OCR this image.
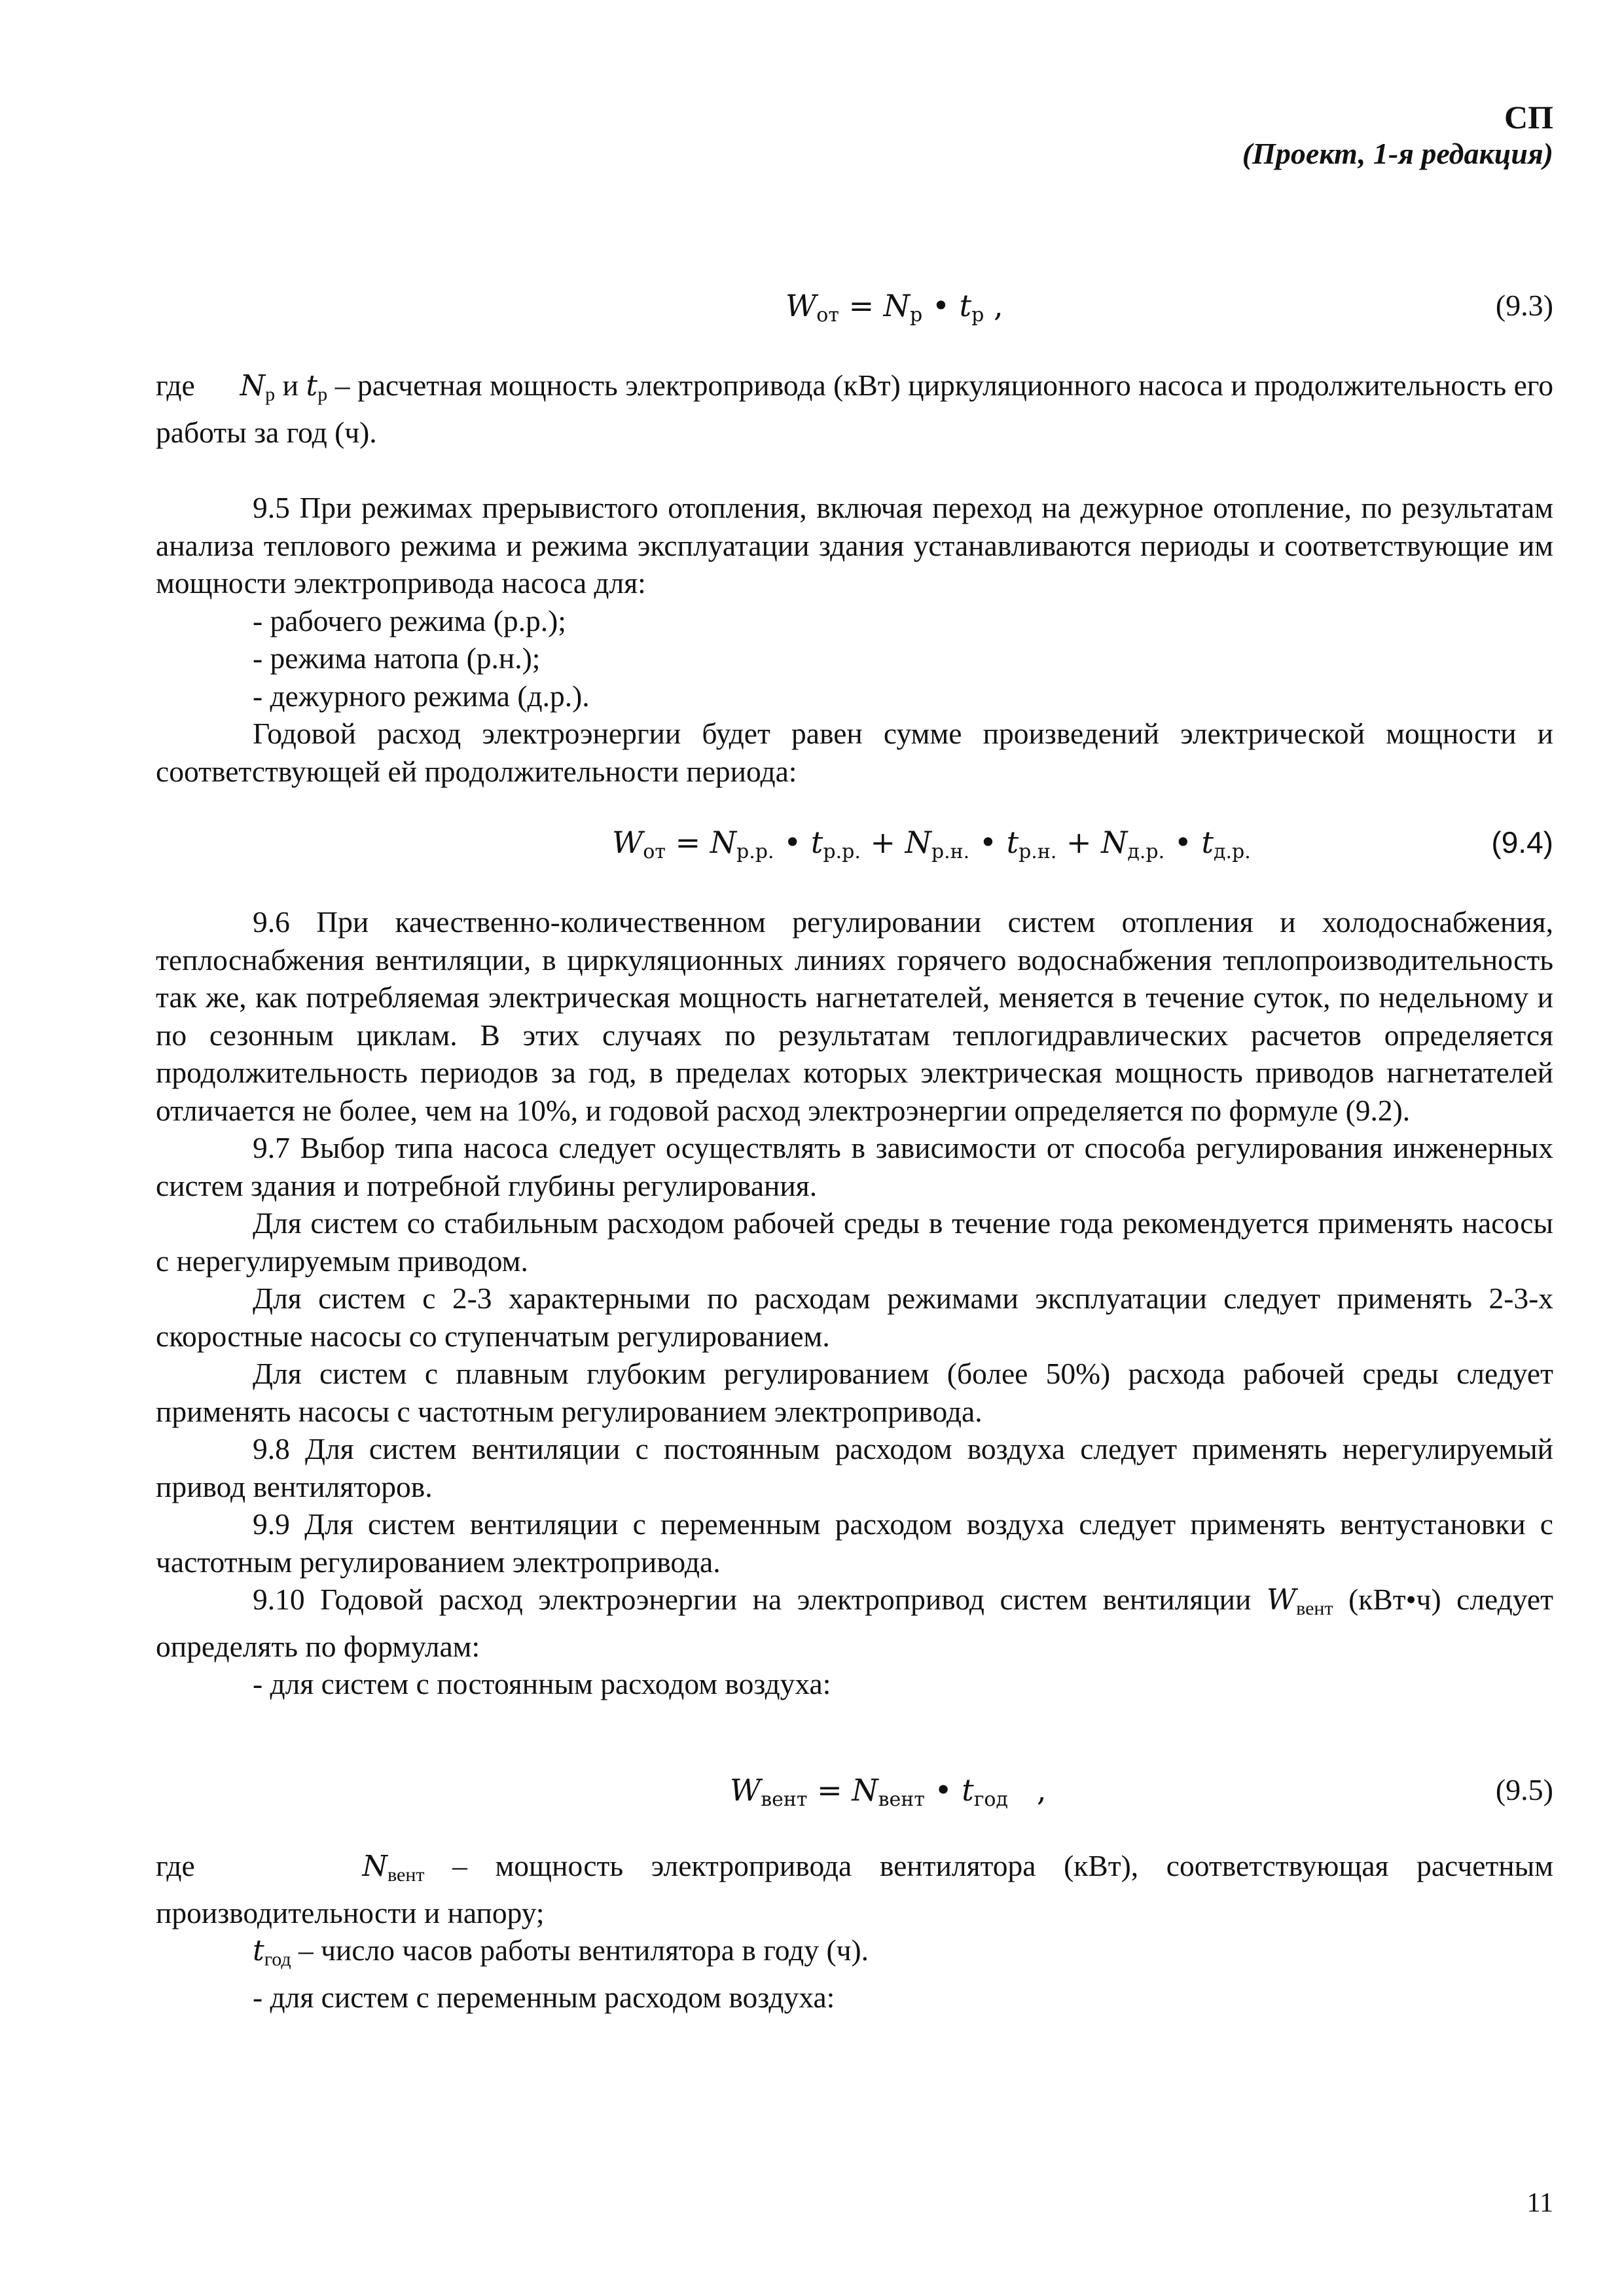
СП
(Проект, 1-я редакция)
$W_{от} = N_р$ • $t_р$ ,	(9.3)

где $N_р$ и $t_р$ – расчетная мощность электропривода (кВт) циркуляционного насоса и продолжительность его работы за год (ч).

9.5 При режимах прерывистого отопления, включая переход на дежурное отопление, по результатам анализа теплового режима и режима эксплуатации здания устанавливаются периоды и соответствующие им мощности электропривода насоса для:

- рабочего режима (р.р.);

- режима натопа (р.н.);

- дежурного режима (д.р.).

Годовой расход электроэнергии будет равен сумме произведений электрической мощности и соответствующей ей продолжительности периода:

$W_{от} = N_{р.р.}$ • $t_{р.р.} + N_{р.н.}$ • $t_{р.н.} + N_{д.р.}$ • $t_{д.р.}$	(9.4)

9.6 При качественно-количественном регулировании систем отопления и холодоснабжения, теплоснабжения вентиляции, в циркуляционных линиях горячего водоснабжения теплопроизводительность так же, как потребляемая электрическая мощность нагнетателей, меняется в течение суток, по недельному и по сезонным циклам. В этих случаях по результатам теплогидравлических расчетов определяется продолжительность периодов за год, в пределах которых электрическая мощность приводов нагнетателей отличается не более, чем на 10%, и годовой расход электроэнергии определяется по формуле (9.2).

9.7 Выбор типа насоса следует осуществлять в зависимости от способа регулирования инженерных систем здания и потребной глубины регулирования.

Для систем со стабильным расходом рабочей среды в течение года рекомендуется применять насосы с нерегулируемым приводом.

Для систем с 2-3 характерными по расходам режимами эксплуатации следует применять 2-3-х скоростные насосы со ступенчатым регулированием.

Для систем с плавным глубоким регулированием (более 50%) расхода рабочей среды следует применять насосы с частотным регулированием электропривода.

9.8 Для систем вентиляции с постоянным расходом воздуха следует применять нерегулируемый привод вентиляторов.

9.9 Для систем вентиляции с переменным расходом воздуха следует применять вентустановки с частотным регулированием электропривода.

9.10 Годовой расход электроэнергии на электропривод систем вентиляции $W_{вент}$ (кВт•ч) следует определять по формулам:

- для систем с постоянным расходом воздуха:

$W_{вент} = N_{вент}$ • $t_{год}$ ,	(9.5)

где	$N_{вент}$ – мощность электропривода вентилятора (кВт), соответствующая расчетным производительности и напору;

$t_{год}$ – число часов работы вентилятора в году (ч).

- для систем с переменным расходом воздуха:

11
